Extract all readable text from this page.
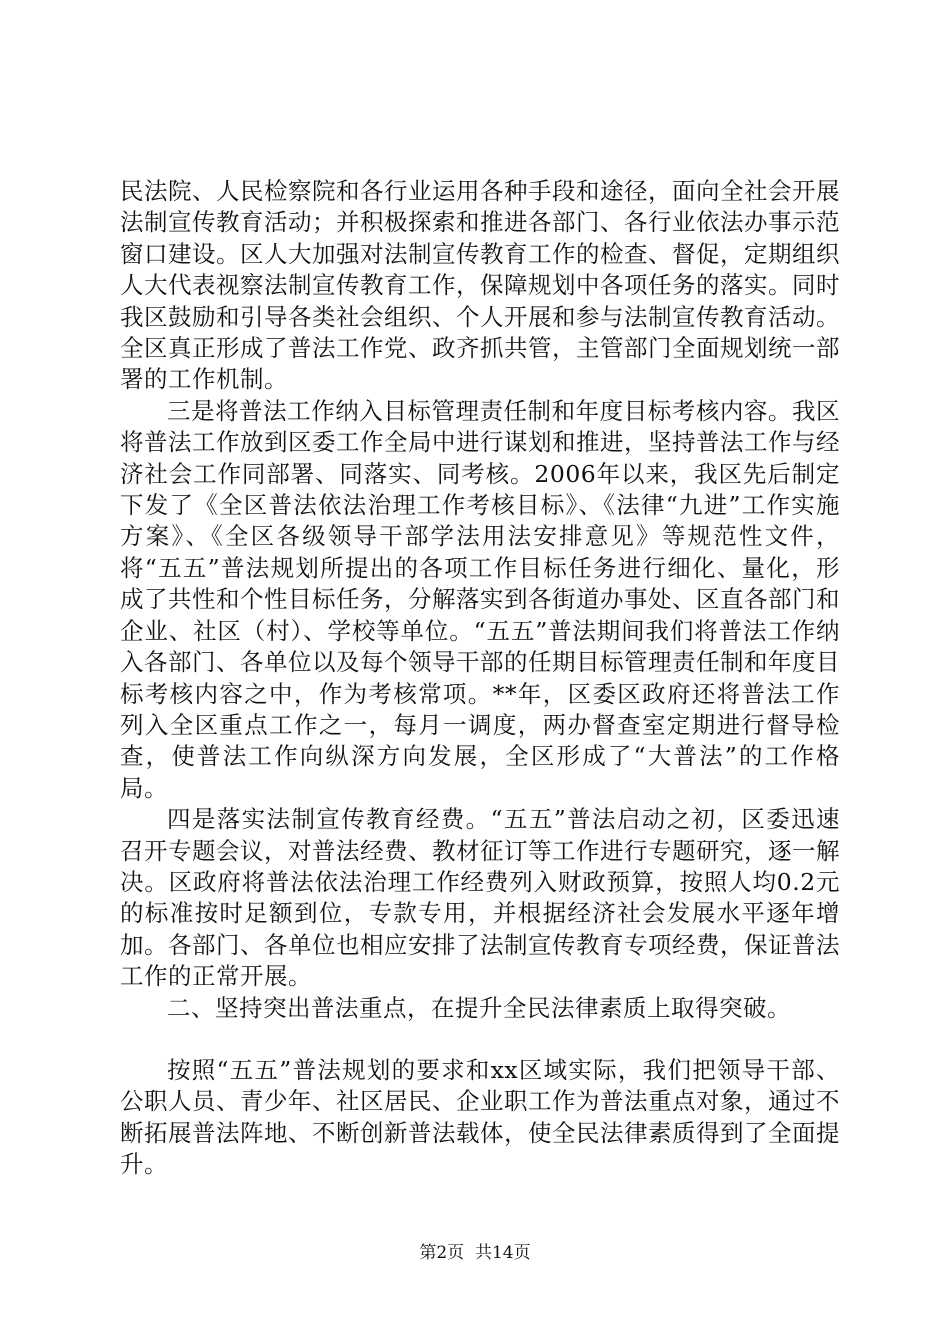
民法院、人民检察院和各行业运用各种手段和途径，面向全社会开展法制宣传教育活动；并积极探索和推进各部门、各行业依法办事示范窗口建设。区人大加强对法制宣传教育工作的检查、督促，定期组织人大代表视察法制宣传教育工作，保障规划中各项任务的落实。同时我区鼓励和引导各类社会组织、个人开展和参与法制宣传教育活动。全区真正形成了普法工作党、政齐抓共管，主管部门全面规划统一部署的工作机制。

三是将普法工作纳入目标管理责任制和年度目标考核内容。我区将普法工作放到区委工作全局中进行谋划和推进，坚持普法工作与经济社会工作同部署、同落实、同考核。2006年以来，我区先后制定下发了《全区普法依法治理工作考核目标》、《法律“九进”工作实施方案》、《全区各级领导干部学法用法安排意见》等规范性文件，将“五五”普法规划所提出的各项工作目标任务进行细化、量化，形成了共性和个性目标任务，分解落实到各街道办事处、区直各部门和企业、社区（村）、学校等单位。“五五”普法期间我们将普法工作纳入各部门、各单位以及每个领导干部的任期目标管理责任制和年度目标考核内容之中，作为考核常项。**年，区委区政府还将普法工作列入全区重点工作之一，每月一调度，两办督查室定期进行督导检查，使普法工作向纵深方向发展，全区形成了“大普法”的工作格局。

四是落实法制宣传教育经费。“五五”普法启动之初，区委迅速召开专题会议，对普法经费、教材征订等工作进行专题研究，逐一解决。区政府将普法依法治理工作经费列入财政预算，按照人均0.2元的标准按时足额到位，专款专用，并根据经济社会发展水平逐年增加。各部门、各单位也相应安排了法制宣传教育专项经费，保证普法工作的正常开展。

二、坚持突出普法重点，在提升全民法律素质上取得突破。

按照“五五”普法规划的要求和xx区域实际，我们把领导干部、公职人员、青少年、社区居民、企业职工作为普法重点对象，通过不断拓展普法阵地、不断创新普法载体，使全民法律素质得到了全面提升。

第2页  共14页
